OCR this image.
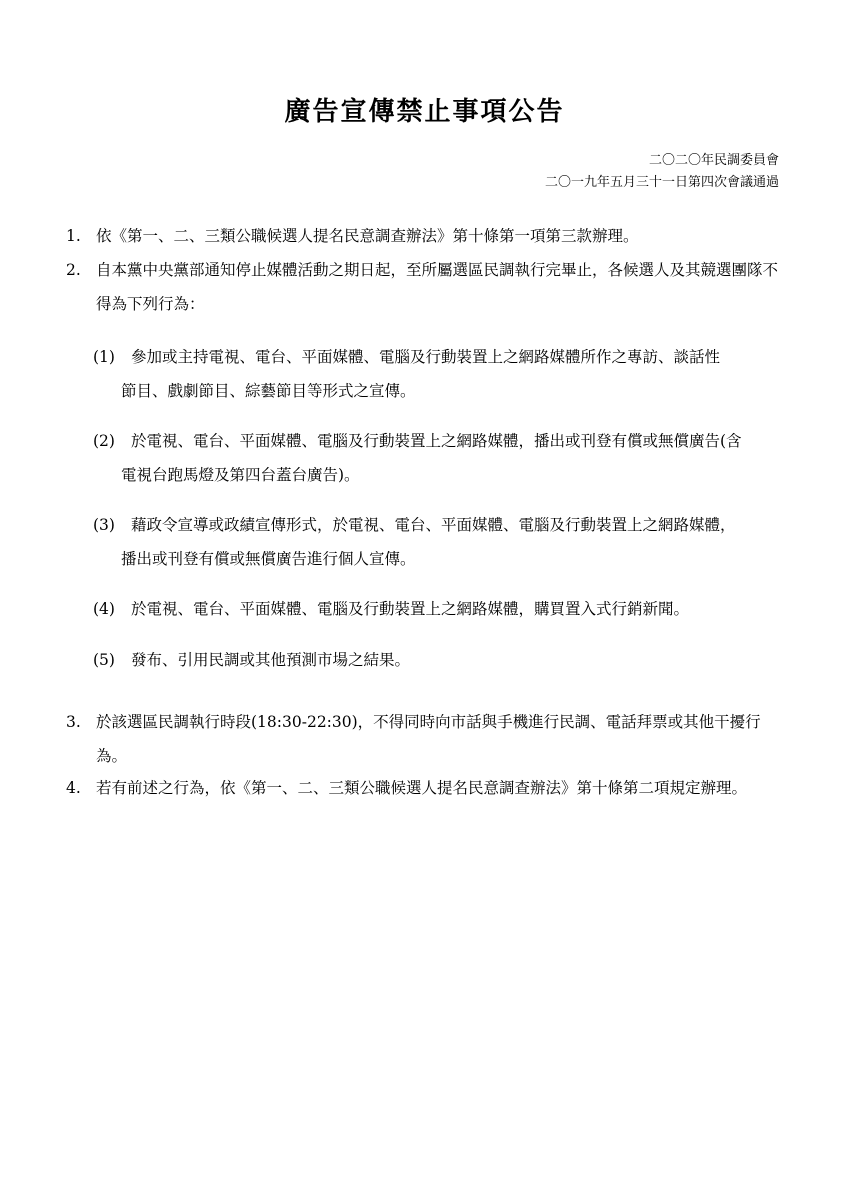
廣告宣傳禁止事項公告
二〇二〇年民調委員會
二〇一九年五月三十一日第四次會議通過
1. 依《第一、二、三類公職候選人提名民意調查辦法》第十條第一項第三款辦理。
2. 自本黨中央黨部通知停止媒體活動之期日起，至所屬選區民調執行完畢止，各候選人及其競選團隊不得為下列行為：
(1)	參加或主持電視、電台、平面媒體、電腦及行動裝置上之網路媒體所作之專訪、談話性
節目、戲劇節目、綜藝節目等形式之宣傳。
(2)	於電視、電台、平面媒體、電腦及行動裝置上之網路媒體，播出或刊登有償或無償廣告(含
電視台跑馬燈及第四台蓋台廣告)。
(3)	藉政令宣導或政績宣傳形式，於電視、電台、平面媒體、電腦及行動裝置上之網路媒體，
播出或刊登有償或無償廣告進行個人宣傳。
(4)	於電視、電台、平面媒體、電腦及行動裝置上之網路媒體，購買置入式行銷新聞。
(5)	發布、引用民調或其他預測市場之結果。
3. 於該選區民調執行時段(18:30-22:30)，不得同時向市話與手機進行民調、電話拜票或其他干擾行為。
4. 若有前述之行為，依《第一、二、三類公職候選人提名民意調查辦法》第十條第二項規定辦理。
